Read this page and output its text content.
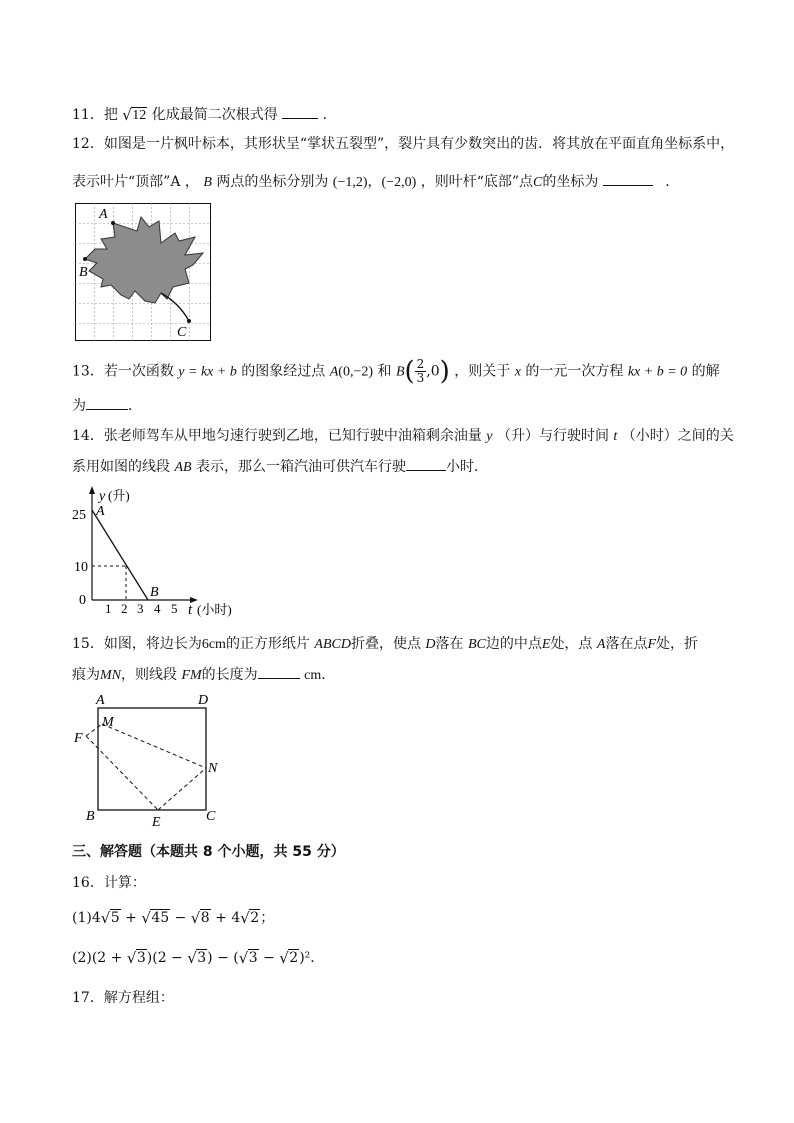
11．把 √ 12 化成最简二次根式得	．
12．如图是一片枫叶标本，其形状呈“掌状五裂型”，裂片具有少数突出的齿．将其放在平面直角坐标系中，
表示叶片“顶部”A ， B 两点的坐标分别为 (−1,2)，(−2,0) ，则叶杆“底部”点C的坐标为	．
A
B
C
13．若一次函数 y = kx + b 的图象经过点 A(0,−2) 和 $B( \frac{2}{3} ,0)$ ，则关于 x 的一元一次方程 kx + b = 0 的解
为	．
14．张老师驾车从甲地匀速行驶到乙地，已知行驶中油箱剩余油量 y （升）与行驶时间 t （小时）之间的关
系用如图的线段 AB 表示，那么一箱汽油可供汽车行驶	小时．
y (升)
25 A
10
0
1 2 3 4 5
B
t (小时)
15．如图，将边长为6cm的正方形纸片 ABCD折叠，使点 D落在 BC边的中点E处，点 A落在点F处，折
痕为MN，则线段 FM的长度为	cm．
A	D
M
F
N
B	E	C
三、解答题（本题共 8 个小题，共 55 分）
16．计算：
(1)4 √ 5 + √ 45 − √ 8 + 4 √ 2；
(2)(2 + √ 3)(2 − √ 3) − ( √ 3 − √ 2)²．
17．解方程组：
